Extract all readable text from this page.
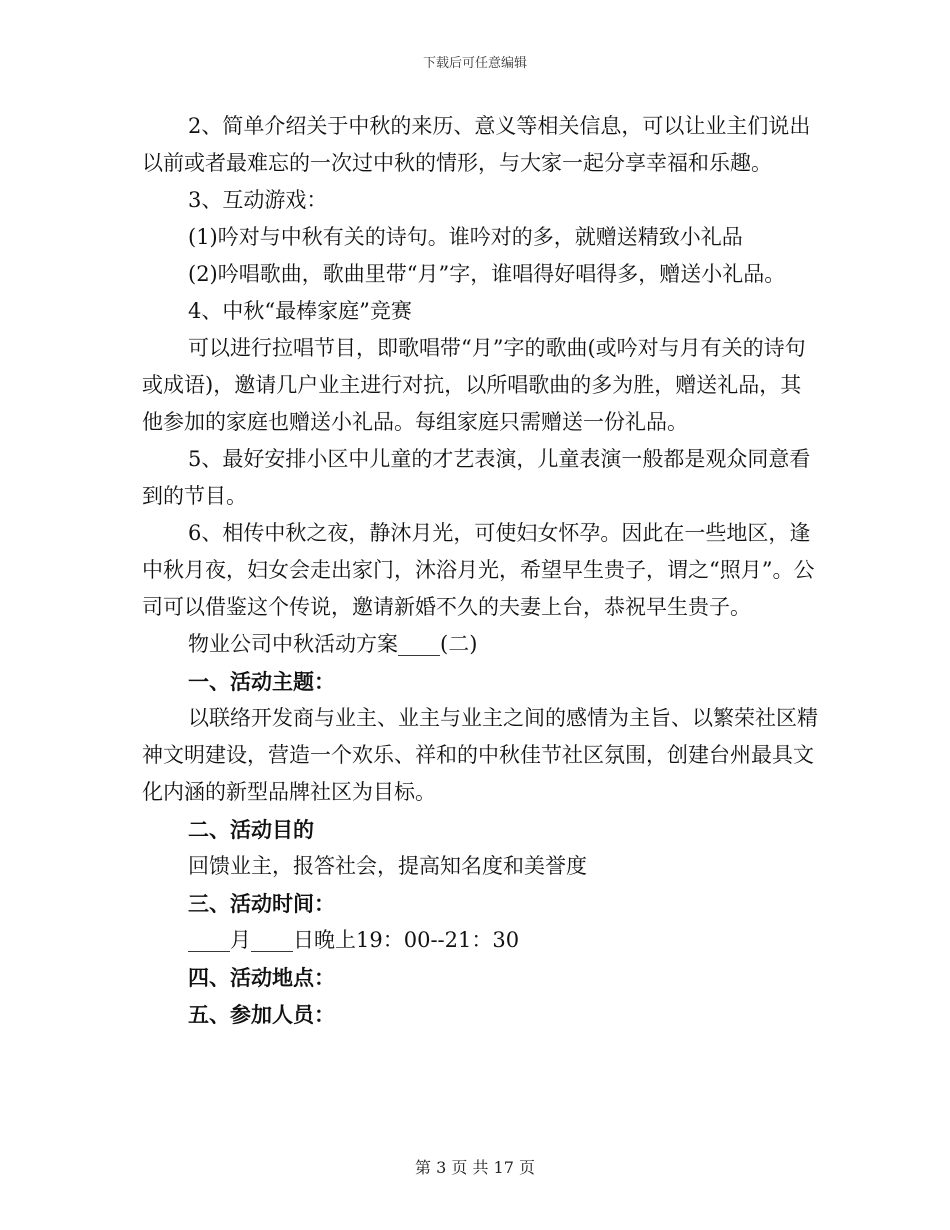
下载后可任意编辑

2、简单介绍关于中秋的来历、意义等相关信息，可以让业主们说出以前或者最难忘的一次过中秋的情形，与大家一起分享幸福和乐趣。

3、互动游戏：

(1)吟对与中秋有关的诗句。谁吟对的多，就赠送精致小礼品

(2)吟唱歌曲，歌曲里带“月”字，谁唱得好唱得多，赠送小礼品。

4、中秋“最棒家庭”竞赛

可以进行拉唱节目，即歌唱带“月”字的歌曲(或吟对与月有关的诗句或成语)，邀请几户业主进行对抗，以所唱歌曲的多为胜，赠送礼品，其他参加的家庭也赠送小礼品。每组家庭只需赠送一份礼品。

5、最好安排小区中儿童的才艺表演，儿童表演一般都是观众同意看到的节目。

6、相传中秋之夜，静沐月光，可使妇女怀孕。因此在一些地区，逢中秋月夜，妇女会走出家门，沐浴月光，希望早生贵子，谓之“照月”。公司可以借鉴这个传说，邀请新婚不久的夫妻上台，恭祝早生贵子。

物业公司中秋活动方案____(二)

一、活动主题：

以联络开发商与业主、业主与业主之间的感情为主旨、以繁荣社区精神文明建设，营造一个欢乐、祥和的中秋佳节社区氛围，创建台州最具文化内涵的新型品牌社区为目标。

二、活动目的

回馈业主，报答社会，提高知名度和美誉度

三、活动时间：

____月____日晚上19：00--21：30

四、活动地点：

五、参加人员：

第 3 页 共 17 页
